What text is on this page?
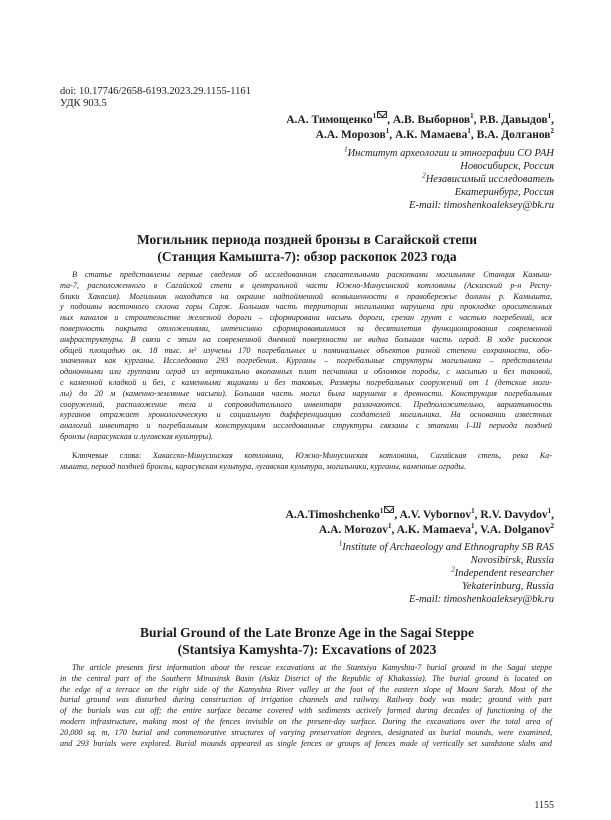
doi: 10.17746/2658-6193.2023.29.1155-1161
УДК 903.5
А.А. Тимощенко$^1$ , А.В. Выборнов$^1$, Р.В. Давыдов$^1$,
А.А. Морозов$^1$, А.К. Мамаева$^1$, В.А. Долганов$^2$
$^1$Институт археологии и этнографии СО РАН
Новосибирск, Россия
$^2$Независимый исследователь
Екатеринбург, Россия
E-mail: timoshenkoaleksey@bk.ru
Могильник периода поздней бронзы в Сагайской степи
(Станция Камышта-7): обзор раскопок 2023 года
В статье представлены первые сведения об исследованном спасательными раскопками могильнике Станция Камыш-
та-7, расположенного в Сагайской степи в центральной части Южно-Минусинской котловины (Аскизский р-н Респу-
блики Хакасия). Могильник находится на окраине надпойменной возвышенности в правобережье долины р. Камышта,
у подошвы восточного склона горы Сарж. Большая часть территории могильника нарушена при прокладке оросительных
ных каналов и строительстве железной дороги – сформирована насыпь дороги, срезан грунт с частью погребений, вся
поверхность покрыта отложениями, интенсивно сформировавшимися за десятилетия функционирования современной
инфраструктуры. В связи с этим на современной дневной поверхности не видна большая часть оград. В ходе раскопок
общей площадью ок. 18 тыс. м² изучены 170 погребальных и поминальных объектов разной степени сохранности, обо-
значенных как курганы. Исследовано 293 погребения. Курганы – погребальные структуры могильника – представлены
одиночными или группами оград из вертикально вкопанных плит песчаника и обломков породы, с насыпью и без таковой,
с каменной кладкой и без, с каменными ящиками и без таковых. Размеры погребальных сооружений от 1 (детские моги-
лы) до 20 м (каменно-земляные насыпи). Большая часть могил была нарушена в древности. Конструкция погребальных
сооружений, расположение тела и сопроводительного инвентаря различаются. Предположительно, вариативность
курганов отражает хронологическую и социальную дифференциацию создателей могильника. На основании известных
аналогий инвентарю и погребальным конструкциям исследованные структуры связаны с этапами I–III периода поздней
бронзы (карасукская и лугавская культуры).
Ключевые слова: Хакасско-Минусинская котловина, Южно-Минусинская котловина, Сагайская степь, река Ка-
мышта, период поздней бронзы, карасукская культура, лугавская культура, могильники, курганы, каменные ограды.
A.A.Timoshchenko$^1$ , A.V. Vybornov$^1$, R.V. Davydov$^1$,
A.A. Morozov$^1$, A.K. Mamaeva$^1$, V.A. Dolganov$^2$
$^1$Institute of Archaeology and Ethnography SB RAS
Novosibirsk, Russia
$^2$Independent researcher
Yekaterinburg, Russia
E-mail: timoshenkoaleksey@bk.ru
Burial Ground of the Late Bronze Age in the Sagai Steppe
(Stantsiya Kamyshta-7): Excavations of 2023
The article presents first information about the rescue excavations at the Stantsiya Kamyshta-7 burial ground in the Sagai steppe
in the central part of the Southern Minusinsk Basin (Askiz District of the Republic of Khakassia). The burial ground is located on
the edge of a terrace on the right side of the Kamyshta River valley at the foot of the eastern slope of Mount Sarzh. Most of the
burial ground was disturbed during construction of irrigation channels and railway. Railway body was made; ground with part
of the burials was cut off; the entire surface became covered with sediments actively formed during decades of functioning of the
modern infrastructure, making most of the fences invisible on the present-day surface. During the excavations over the total area of
20,000 sq. m, 170 burial and commemorative structures of varying preservation degrees, designated as burial mounds, were examined,
and 293 burials were explored. Burial mounds appeared as single fences or groups of fences made of vertically set sandstone slabs and
1155
